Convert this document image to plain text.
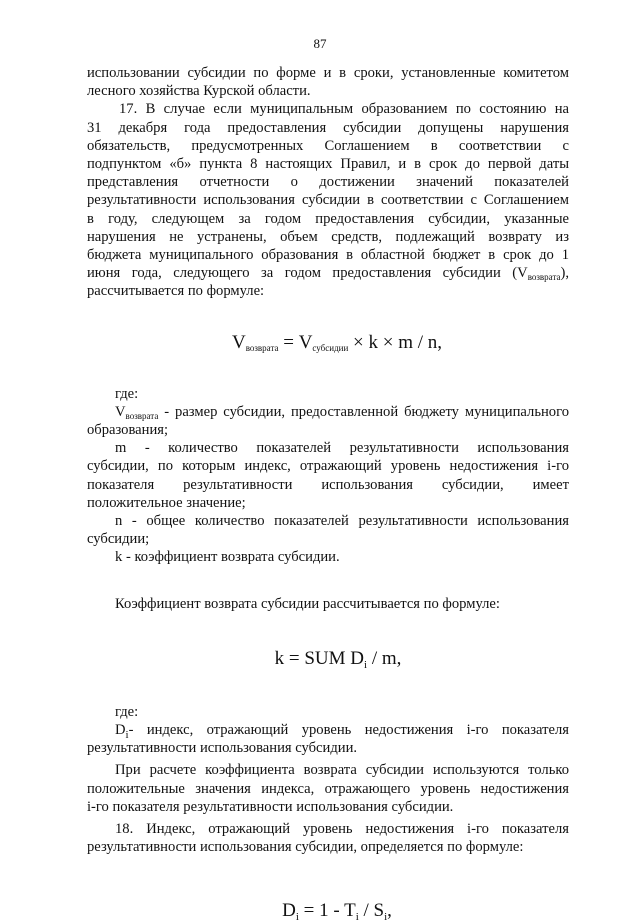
87

использовании субсидии по форме и в сроки, установленные комитетом

лесного хозяйства Курской области.

17. В случае если муниципальным образованием по состоянию на

31 декабря года предоставления субсидии допущены нарушения

обязательств, предусмотренных Соглашением в соответствии с

подпунктом «б» пункта 8 настоящих Правил, и в срок до первой даты

представления отчетности о достижении значений показателей

результативности использования субсидии в соответствии с Соглашением

в году, следующем за годом предоставления субсидии, указанные

нарушения не устранены, объем средств, подлежащий возврату из

бюджета муниципального образования в областной бюджет в срок до 1

июня года, следующего за годом предоставления субсидии $(V_{возврата})$,

рассчитывается по формуле:

$V_{возврата} = V_{субсидии} \times k \times m / n$,

где:

$V_{возврата}$ - размер субсидии, предоставленной бюджету муниципального

образования;

m - количество показателей результативности использования

субсидии, по которым индекс, отражающий уровень недостижения i-го

показателя результативности использования субсидии, имеет

положительное значение;

n - общее количество показателей результативности использования

субсидии;

k - коэффициент возврата субсидии.

Коэффициент возврата субсидии рассчитывается по формуле:

k = SUM $D_i$ / m,

где:

$D_i-$ индекс, отражающий уровень недостижения i-го показателя

результативности использования субсидии.

При расчете коэффициента возврата субсидии используются только

положительные значения индекса, отражающего уровень недостижения

i-го показателя результативности использования субсидии.

18. Индекс, отражающий уровень недостижения i-го показателя

результативности использования субсидии, определяется по формуле:

$D_i = 1 - T_i / S_i$,
